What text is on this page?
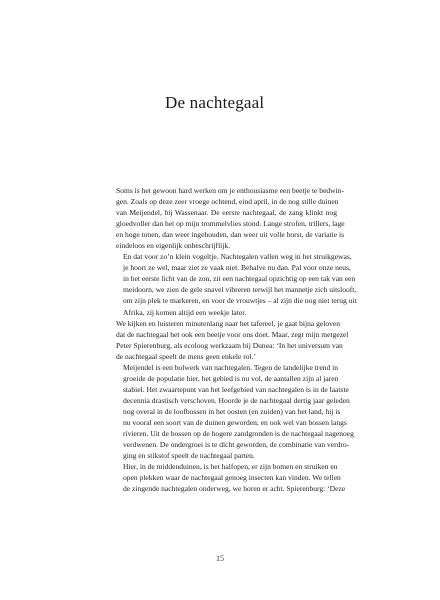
De nachtegaal

Soms is het gewoon hard werken om je enthousiasme een beetje te bedwin-
gen. Zoals op deze zeer vroege ochtend, eind april, in de nog stille duinen
van Meijendel, bij Wassenaar. De eerste nachtegaal, de zang klinkt nog
gloedvoller dan het op mijn trommelvlies stond. Lange strofen, trillers, lage
en hoge tonen, dan weer ingehouden, dan weer uit volle borst, de variatie is
eindeloos en eigenlijk onbeschrijflijk.

En dat voor zo’n klein vogeltje. Nachtegalen vallen weg in het struikgewas,
je hoort ze wel, maar ziet ze vaak niet. Behalve nu dan. Pal voor onze neus,
in het eerste licht van de zon, zit een nachtegaal opzichtig op een tak van een
meidoorn, we zien de gele snavel vibreren terwijl het mannetje zich uitslooft,
om zijn plek te markeren, en voor de vrouwtjes – al zijn die nog niet terug uit
Afrika, zij komen altijd een weekje later.

We kijken en luisteren minutenlang naar het tafereel, je gaat bijna geloven
dat de nachtegaal het ook een beetje voor ons doet. Maar, zegt mijn metgezel
Peter Spierenburg, als ecoloog werkzaam bij Dunea: ‘In het universum van
de nachtegaal speelt de mens geen enkele rol.’

Meijendel is een bolwerk van nachtegalen. Tegen de landelijke trend in
groeide de populatie hier, het gebied is nu vol, de aantallen zijn al jaren
stabiel. Het zwaartepunt van het leefgebied van nachtegalen is in de laatste
decennia drastisch verschoven. Hoorde je de nachtegaal dertig jaar geleden
nog overal in de loofbossen in het oosten (en zuiden) van het land, hij is
nu vooral een soort van de duinen geworden, en ook wel van bossen langs
rivieren. Uit de bossen op de hogere zandgronden is de nachtegaal nagenoeg
verdwenen. De ondergroei is te dicht geworden, de combinatie van verdro-
ging en stikstof speelt de nachtegaal parten.

Hier, in de middenduinen, is het halfopen, er zijn bomen en struiken en
open plekken waar de nachtegaal genoeg insecten kan vinden. We tellen
de zingende nachtegalen onderweg, we horen er acht. Spierenburg: ‘Deze

15
